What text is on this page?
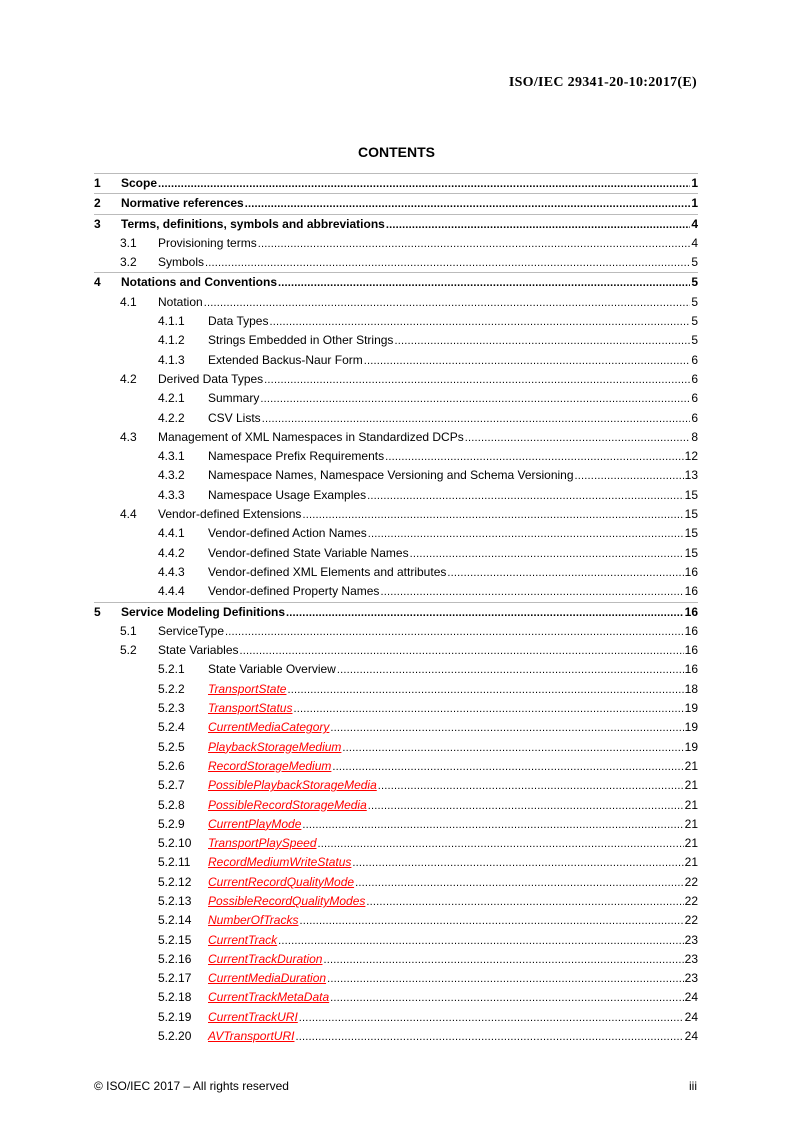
ISO/IEC 29341-20-10:2017(E)
CONTENTS
1 Scope .....	1
2 Normative references .....	1
3 Terms, definitions, symbols and abbreviations .....	4
3.1 Provisioning terms .....	4
3.2 Symbols .....	5
4 Notations and Conventions .....	5
4.1 Notation .....	5
4.1.1 Data Types .....	5
4.1.2 Strings Embedded in Other Strings .....	5
4.1.3 Extended Backus-Naur Form .....	6
4.2 Derived Data Types .....	6
4.2.1 Summary .....	6
4.2.2 CSV Lists .....	6
4.3 Management of XML Namespaces in Standardized DCPs .....	8
4.3.1 Namespace Prefix Requirements .....	12
4.3.2 Namespace Names, Namespace Versioning and Schema Versioning .....	13
4.3.3 Namespace Usage Examples .....	15
4.4 Vendor-defined Extensions .....	15
4.4.1 Vendor-defined Action Names .....	15
4.4.2 Vendor-defined State Variable Names .....	15
4.4.3 Vendor-defined XML Elements and attributes .....	16
4.4.4 Vendor-defined Property Names .....	16
5 Service Modeling Definitions .....	16
5.1 ServiceType .....	16
5.2 State Variables .....	16
5.2.1 State Variable Overview .....	16
5.2.2 TransportState .....	18
5.2.3 TransportStatus .....	19
5.2.4 CurrentMediaCategory .....	19
5.2.5 PlaybackStorageMedium .....	19
5.2.6 RecordStorageMedium .....	21
5.2.7 PossiblePlaybackStorageMedia .....	21
5.2.8 PossibleRecordStorageMedia .....	21
5.2.9 CurrentPlayMode .....	21
5.2.10 TransportPlaySpeed .....	21
5.2.11 RecordMediumWriteStatus .....	21
5.2.12 CurrentRecordQualityMode .....	22
5.2.13 PossibleRecordQualityModes .....	22
5.2.14 NumberOfTracks .....	22
5.2.15 CurrentTrack .....	23
5.2.16 CurrentTrackDuration .....	23
5.2.17 CurrentMediaDuration .....	23
5.2.18 CurrentTrackMetaData .....	24
5.2.19 CurrentTrackURI .....	24
5.2.20 AVTransportURI .....	24
© ISO/IEC 2017 – All rights reserved	iii
